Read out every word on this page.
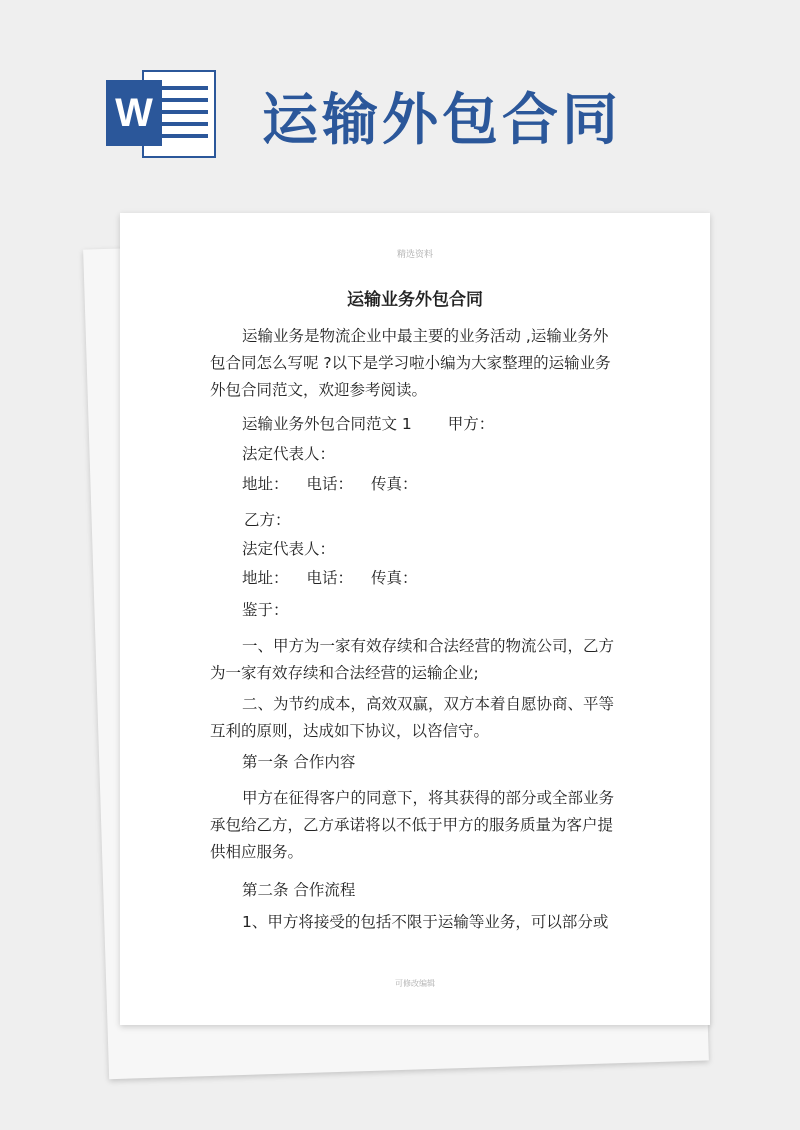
W 运输外包合同
精选资料
运输业务外包合同

运输业务是物流企业中最主要的业务活动 ,运输业务外

包合同怎么写呢 ?以下是学习啦小编为大家整理的运输业务

外包合同范文，欢迎参考阅读。

运输业务外包合同范文 1 甲方：
法定代表人：
地址： 电话： 传真：
乙方：
法定代表人：
地址： 电话： 传真：
鉴于：

一、甲方为一家有效存续和合法经营的物流公司，乙方

为一家有效存续和合法经营的运输企业;

二、为节约成本，高效双赢，双方本着自愿协商、平等

互利的原则，达成如下协议，以咨信守。

第一条 合作内容

甲方在征得客户的同意下，将其获得的部分或全部业务

承包给乙方，乙方承诺将以不低于甲方的服务质量为客户提

供相应服务。

第二条 合作流程

1、甲方将接受的包括不限于运输等业务，可以部分或

可修改编辑
